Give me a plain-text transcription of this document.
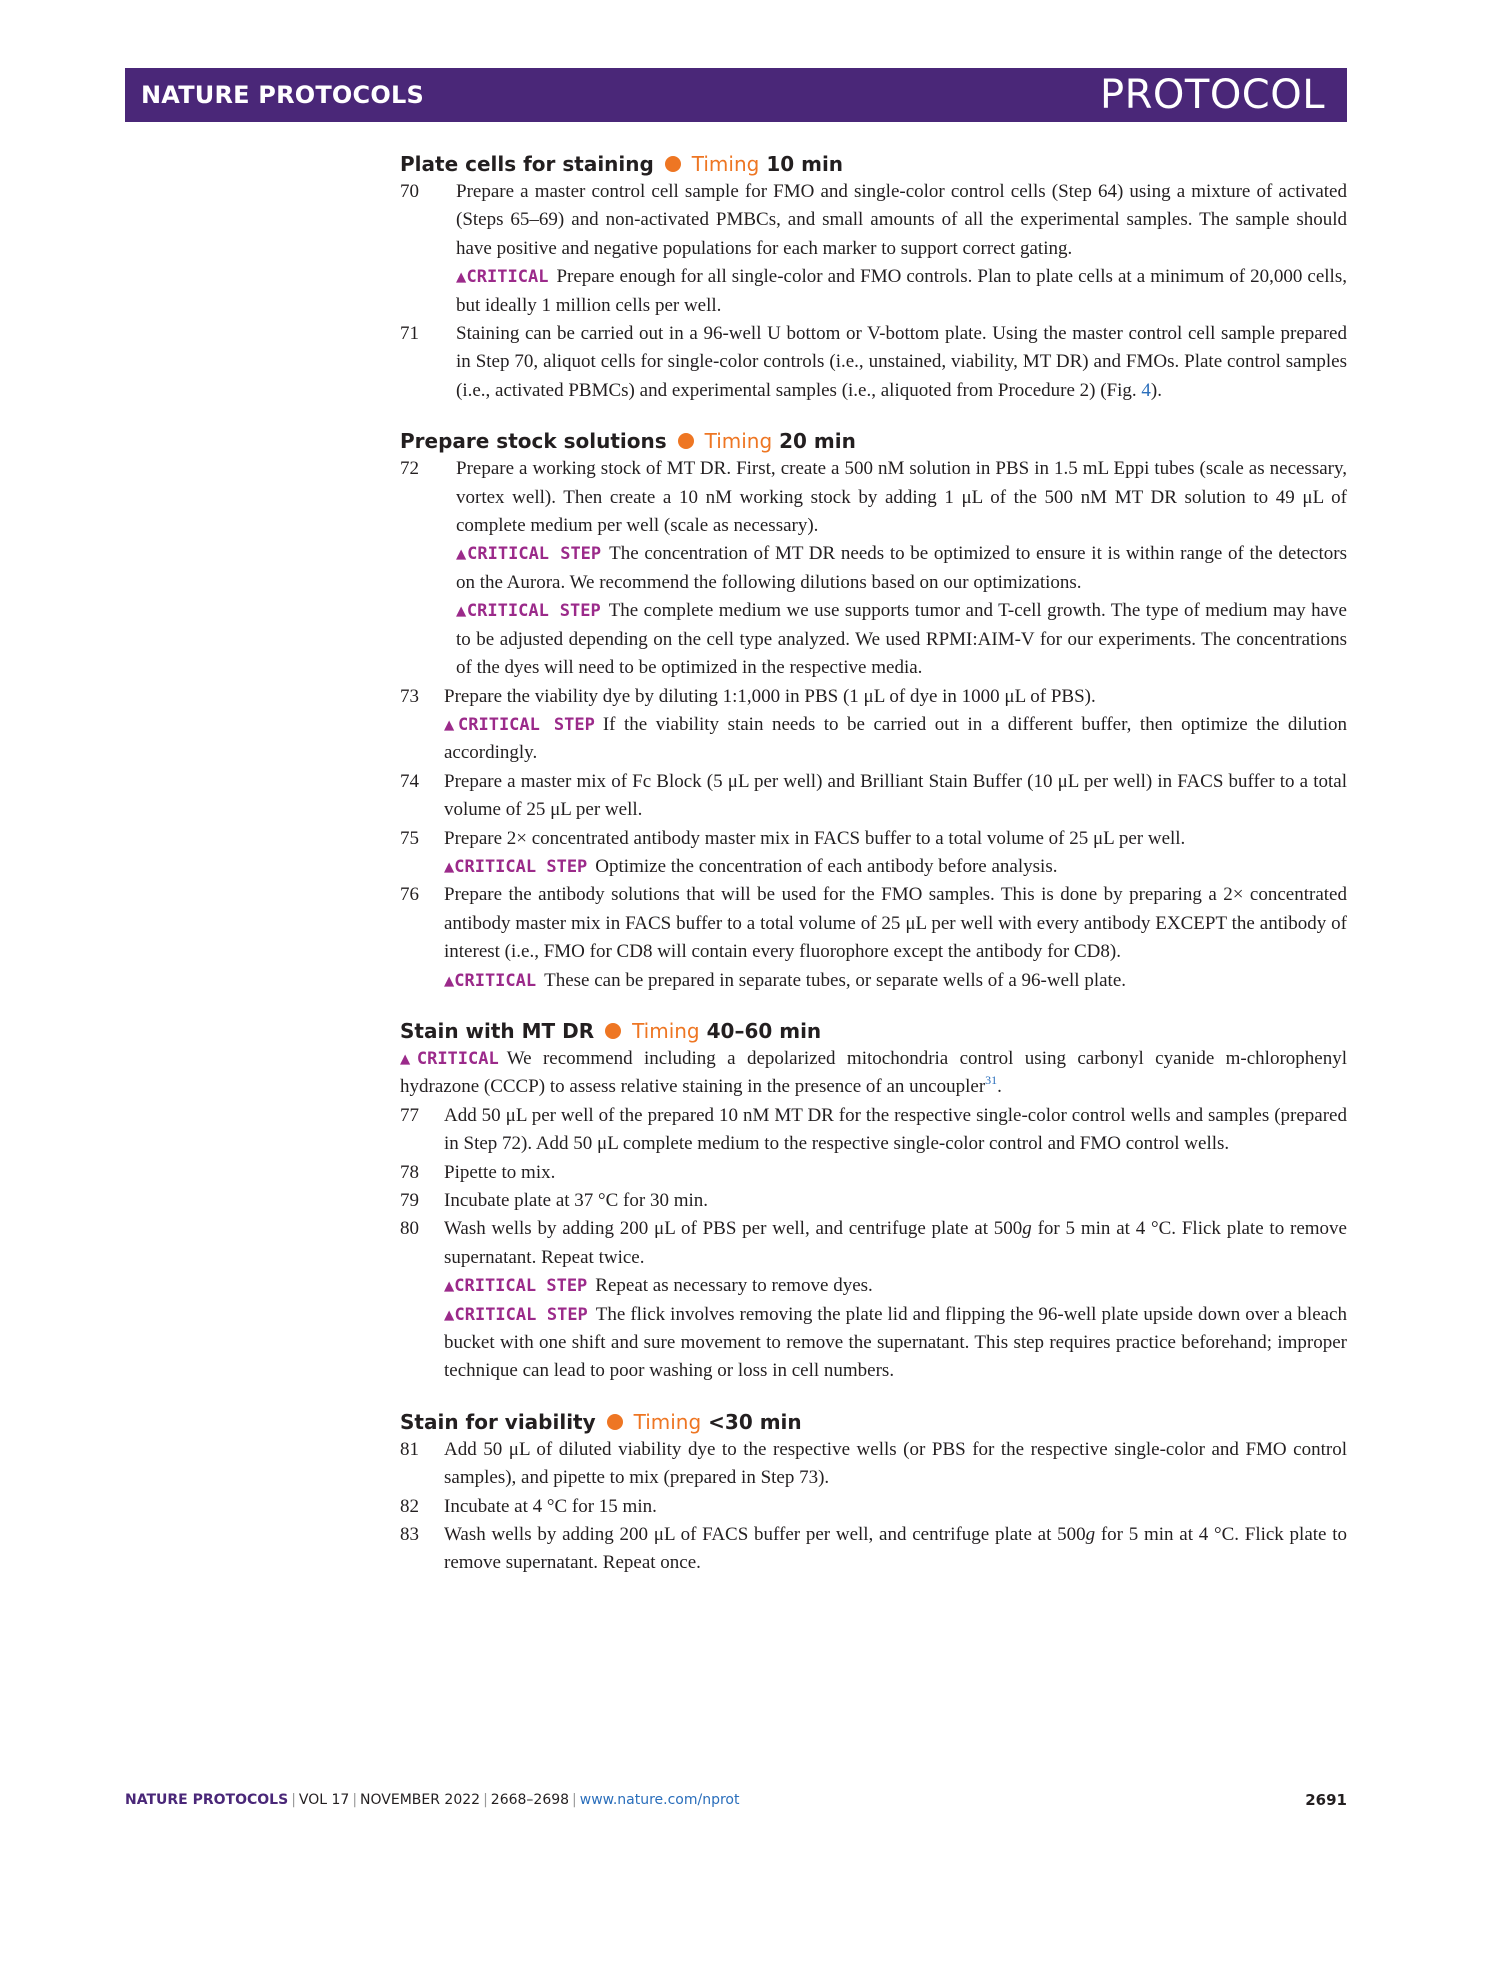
NATURE PROTOCOLS	PROTOCOL
Plate cells for staining Timing 10 min
70	Prepare a master control cell sample for FMO and single-color control cells (Step 64) using a mixture of activated (Steps 65–69) and non-activated PMBCs, and small amounts of all the experimental samples. The sample should have positive and negative populations for each marker to support correct gating.

▲CRITICAL Prepare enough for all single-color and FMO controls. Plan to plate cells at a minimum of 20,000 cells, but ideally 1 million cells per well.

71	Staining can be carried out in a 96-well U bottom or V-bottom plate. Using the master control cell sample prepared in Step 70, aliquot cells for single-color controls (i.e., unstained, viability, MT DR) and FMOs. Plate control samples (i.e., activated PBMCs) and experimental samples (i.e., aliquoted from Procedure 2) (Fig. 4).

Prepare stock solutions Timing 20 min
72	Prepare a working stock of MT DR. First, create a 500 nM solution in PBS in 1.5 mL Eppi tubes (scale as necessary, vortex well). Then create a 10 nM working stock by adding 1 μL of the 500 nM MT DR solution to 49 μL of complete medium per well (scale as necessary).

▲CRITICAL STEP The concentration of MT DR needs to be optimized to ensure it is within range of the detectors on the Aurora. We recommend the following dilutions based on our optimizations.

▲CRITICAL STEP The complete medium we use supports tumor and T-cell growth. The type of medium may have to be adjusted depending on the cell type analyzed. We used RPMI:AIM-V for our experiments. The concentrations of the dyes will need to be optimized in the respective media.

73	Prepare the viability dye by diluting 1:1,000 in PBS (1 μL of dye in 1000 μL of PBS).

▲CRITICAL STEP If the viability stain needs to be carried out in a different buffer, then optimize the dilution accordingly.

74	Prepare a master mix of Fc Block (5 μL per well) and Brilliant Stain Buffer (10 μL per well) in FACS buffer to a total volume of 25 μL per well.

75	Prepare 2× concentrated antibody master mix in FACS buffer to a total volume of 25 μL per well.

▲CRITICAL STEP Optimize the concentration of each antibody before analysis.

76	Prepare the antibody solutions that will be used for the FMO samples. This is done by preparing a 2× concentrated antibody master mix in FACS buffer to a total volume of 25 μL per well with every antibody EXCEPT the antibody of interest (i.e., FMO for CD8 will contain every fluorophore except the antibody for CD8).

▲CRITICAL These can be prepared in separate tubes, or separate wells of a 96-well plate.

Stain with MT DR Timing 40–60 min
▲CRITICAL We recommend including a depolarized mitochondria control using carbonyl cyanide m-chlorophenyl hydrazone (CCCP) to assess relative staining in the presence of an uncoupler$^{31}$.
77	Add 50 μL per well of the prepared 10 nM MT DR for the respective single-color control wells and samples (prepared in Step 72). Add 50 μL complete medium to the respective single-color control and FMO control wells.

78	Pipette to mix.

79	Incubate plate at 37 °C for 30 min.

80	Wash wells by adding 200 μL of PBS per well, and centrifuge plate at 500g for 5 min at 4 °C. Flick plate to remove supernatant. Repeat twice.

▲CRITICAL STEP Repeat as necessary to remove dyes.

▲CRITICAL STEP The flick involves removing the plate lid and flipping the 96-well plate upside down over a bleach bucket with one shift and sure movement to remove the supernatant. This step requires practice beforehand; improper technique can lead to poor washing or loss in cell numbers.

Stain for viability Timing <30 min
81	Add 50 μL of diluted viability dye to the respective wells (or PBS for the respective single-color and FMO control samples), and pipette to mix (prepared in Step 73).

82	Incubate at 4 °C for 15 min.

83	Wash wells by adding 200 μL of FACS buffer per well, and centrifuge plate at 500g for 5 min at 4 °C. Flick plate to remove supernatant. Repeat once.

NATURE PROTOCOLS | VOL 17 | NOVEMBER 2022 | 2668–2698 | www.nature.com/nprot	2691
